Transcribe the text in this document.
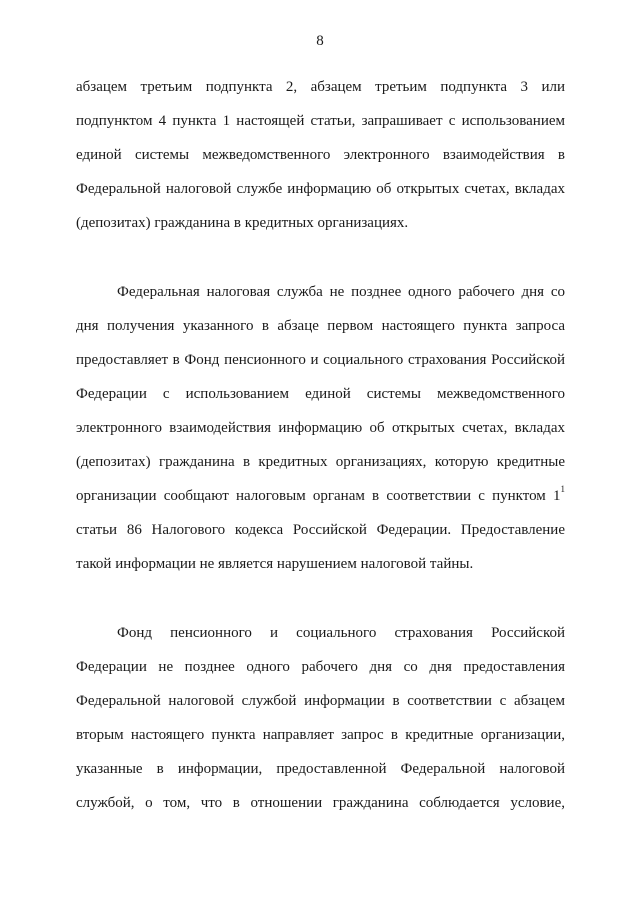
8
абзацем третьим подпункта 2, абзацем третьим подпункта 3 или
подпунктом 4 пункта 1 настоящей статьи, запрашивает с использованием
единой системы межведомственного электронного взаимодействия в
Федеральной налоговой службе информацию об открытых счетах, вкладах
(депозитах) гражданина в кредитных организациях.
Федеральная налоговая служба не позднее одного рабочего дня со
дня получения указанного в абзаце первом настоящего пункта запроса
предоставляет в Фонд пенсионного и социального страхования Российской
Федерации с использованием единой системы межведомственного
электронного взаимодействия информацию об открытых счетах, вкладах
(депозитах) гражданина в кредитных организациях, которую кредитные
организации сообщают налоговым органам в соответствии с пунктом $1^1$
статьи 86 Налогового кодекса Российской Федерации. Предоставление
такой информации не является нарушением налоговой тайны.
Фонд пенсионного и социального страхования Российской
Федерации не позднее одного рабочего дня со дня предоставления
Федеральной налоговой службой информации в соответствии с абзацем
вторым настоящего пункта направляет запрос в кредитные организации,
указанные в информации, предоставленной Федеральной налоговой
службой, о том, что в отношении гражданина соблюдается условие,
